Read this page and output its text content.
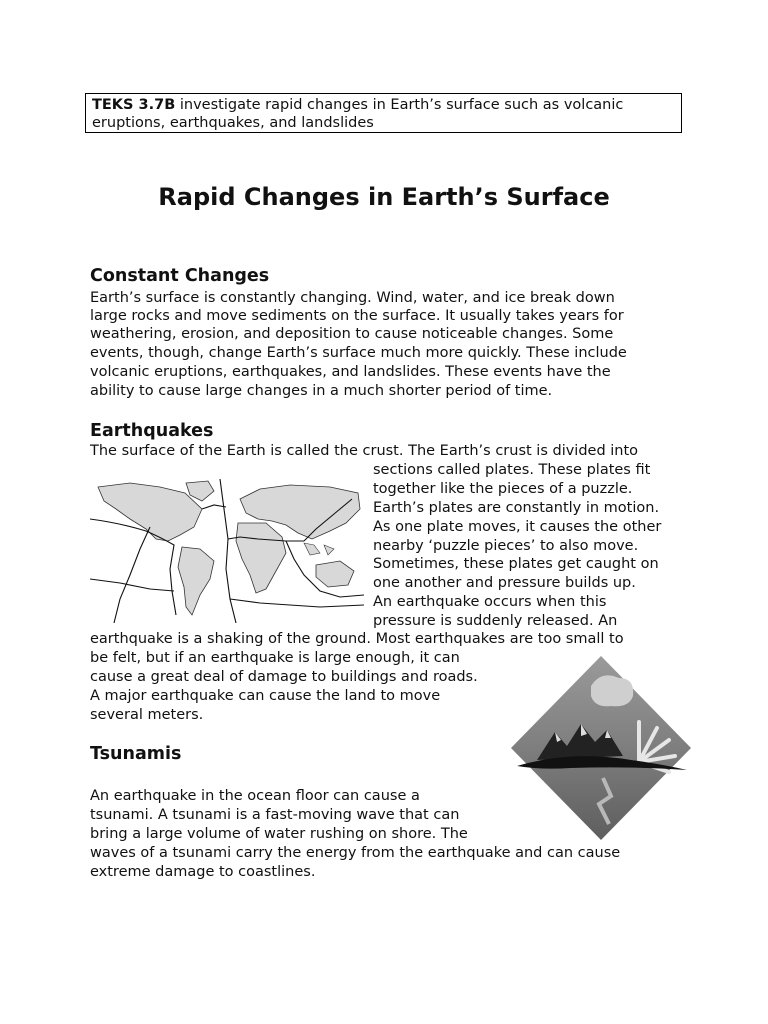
TEKS 3.7B investigate rapid changes in Earth’s surface such as volcanic
eruptions, earthquakes, and landslides
Rapid Changes in Earth’s Surface
Constant Changes
Earth’s surface is constantly changing. Wind, water, and ice break down
large rocks and move sediments on the surface. It usually takes years for
weathering, erosion, and deposition to cause noticeable changes. Some
events, though, change Earth’s surface much more quickly. These include
volcanic eruptions, earthquakes, and landslides. These events have the
ability to cause large changes in a much shorter period of time.
Earthquakes
The surface of the Earth is called the crust. The Earth’s crust is divided into
sections called plates. These plates fit
together like the pieces of a puzzle.
Earth’s plates are constantly in motion.
As one plate moves, it causes the other
nearby ‘puzzle pieces’ to also move.
Sometimes, these plates get caught on
one another and pressure builds up.
An earthquake occurs when this
pressure is suddenly released. An
earthquake is a shaking of the ground. Most earthquakes are too small to
be felt, but if an earthquake is large enough, it can
cause a great deal of damage to buildings and roads.
A major earthquake can cause the land to move
several meters.
Tsunamis
An earthquake in the ocean floor can cause a
tsunami. A tsunami is a fast-moving wave that can
bring a large volume of water rushing on shore. The
waves of a tsunami carry the energy from the earthquake and can cause
extreme damage to coastlines.
